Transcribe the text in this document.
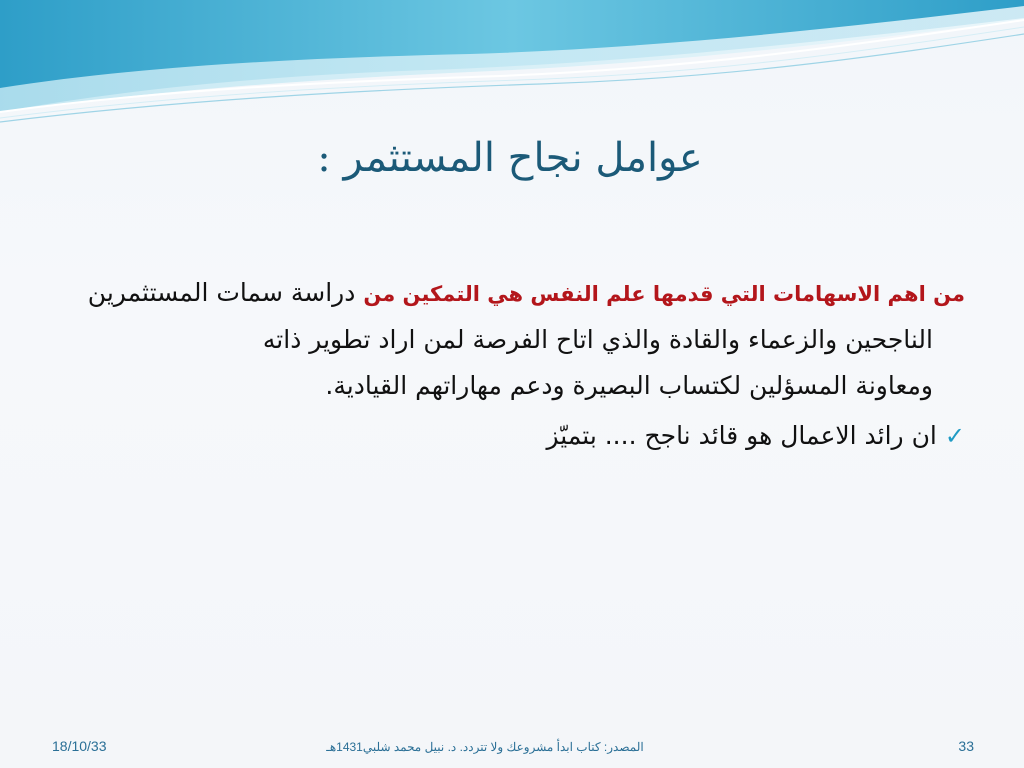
عوامل نجاح المستثمر :
من اهم الاسهامات التي قدمها علم النفس هي التمكين من دراسة سمات المستثمرين
الناجحين والزعماء والقادة والذي اتاح الفرصة لمن اراد تطوير ذاته
ومعاونة المسؤلين لكتساب البصيرة ودعم مهاراتهم القيادية.
✓
ان رائد الاعمال هو قائد ناجح .... بتميّز
18/10/33	المصدر: كتاب ابدأ مشروعك ولا تتردد. د. نبيل محمد شلبي1431هـ	33
